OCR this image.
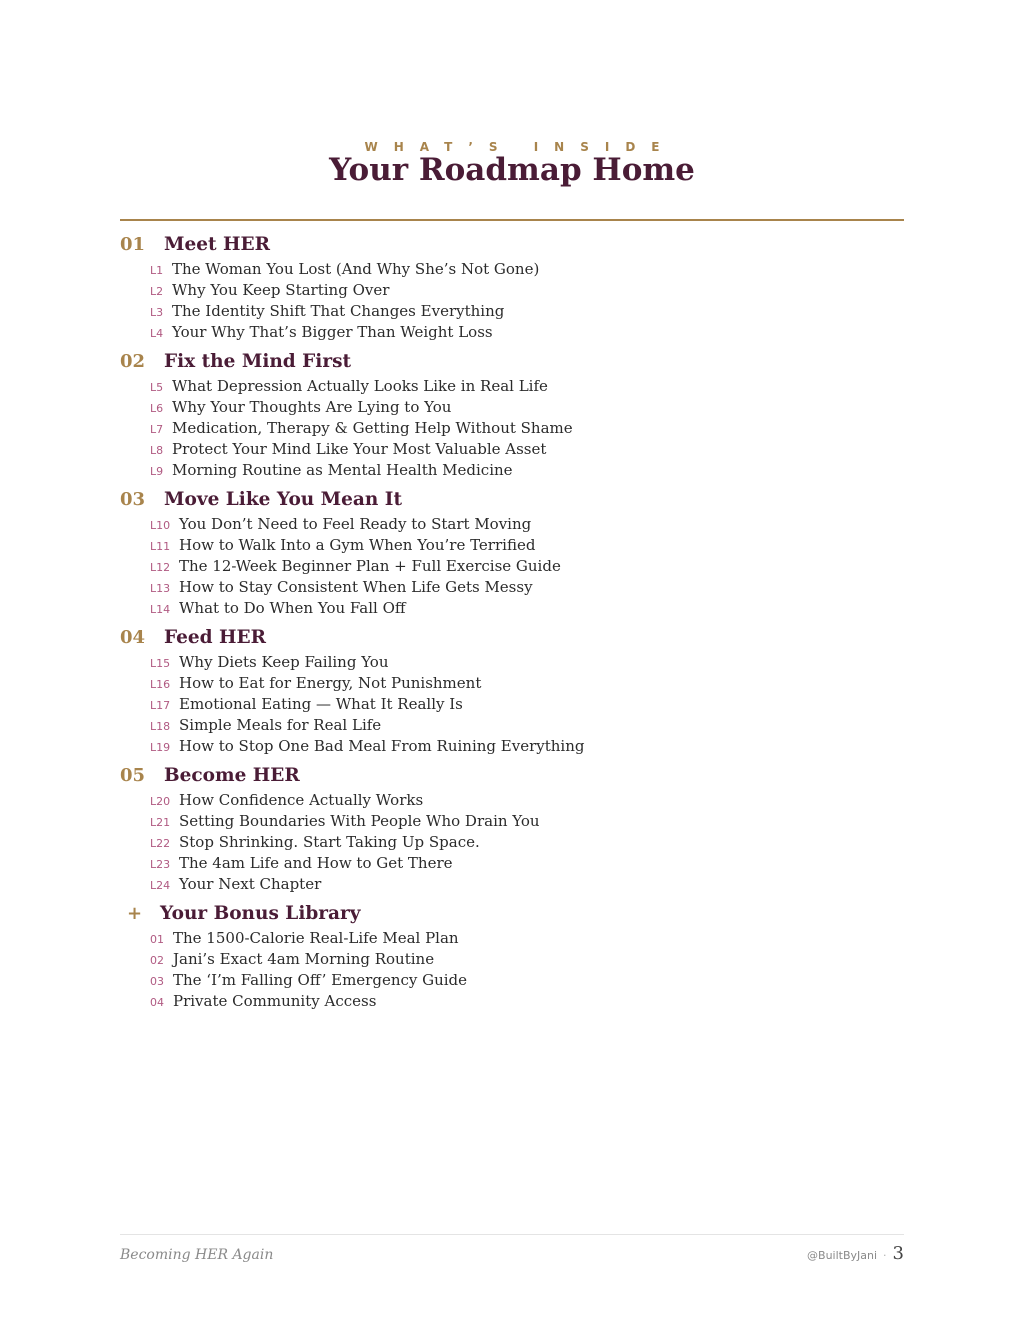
WHAT’S INSIDE
Your Roadmap Home
01 Meet HER
L1 The Woman You Lost (And Why She’s Not Gone)
L2 Why You Keep Starting Over
L3 The Identity Shift That Changes Everything
L4 Your Why That’s Bigger Than Weight Loss
02 Fix the Mind First
L5 What Depression Actually Looks Like in Real Life
L6 Why Your Thoughts Are Lying to You
L7 Medication, Therapy & Getting Help Without Shame
L8 Protect Your Mind Like Your Most Valuable Asset
L9 Morning Routine as Mental Health Medicine
03 Move Like You Mean It
L10 You Don’t Need to Feel Ready to Start Moving
L11 How to Walk Into a Gym When You’re Terrified
L12 The 12-Week Beginner Plan + Full Exercise Guide
L13 How to Stay Consistent When Life Gets Messy
L14 What to Do When You Fall Off
04 Feed HER
L15 Why Diets Keep Failing You
L16 How to Eat for Energy, Not Punishment
L17 Emotional Eating — What It Really Is
L18 Simple Meals for Real Life
L19 How to Stop One Bad Meal From Ruining Everything
05 Become HER
L20 How Confidence Actually Works
L21 Setting Boundaries With People Who Drain You
L22 Stop Shrinking. Start Taking Up Space.
L23 The 4am Life and How to Get There
L24 Your Next Chapter
+ Your Bonus Library
01 The 1500-Calorie Real-Life Meal Plan
02 Jani’s Exact 4am Morning Routine
03 The ‘I’m Falling Off’ Emergency Guide
04 Private Community Access
Becoming HER Again	@BuiltByJani · 3
